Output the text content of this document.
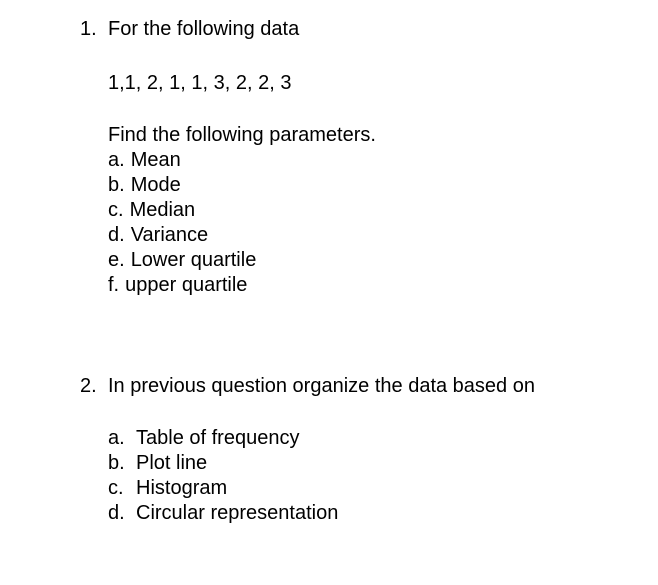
1. For the following data
1,1, 2, 1, 1, 3, 2, 2, 3
Find the following parameters.
a. Mean
b. Mode
c. Median
d. Variance
e. Lower quartile
f. upper quartile
2. In previous question organize the data based on
a. Table of frequency
b. Plot line
c. Histogram
d. Circular representation
